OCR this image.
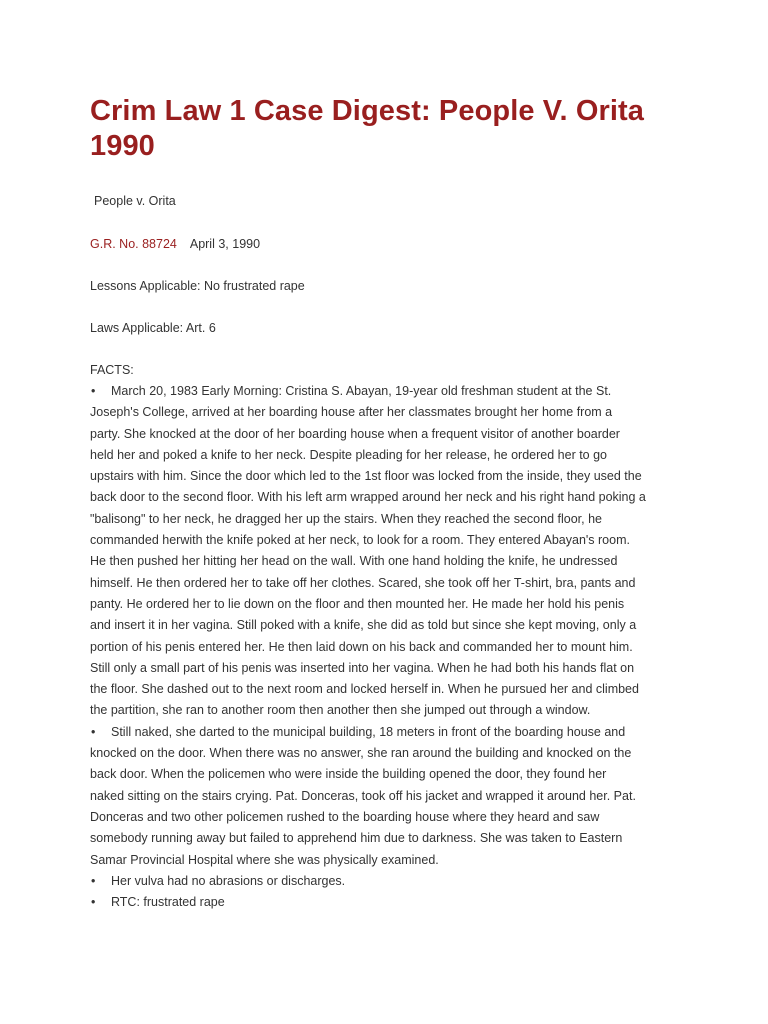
Crim Law 1 Case Digest: People V. Orita 1990

People v. Orita

G.R. No. 88724 April 3, 1990

Lessons Applicable: No frustrated rape

Laws Applicable: Art. 6

FACTS:

• March 20, 1983 Early Morning: Cristina S. Abayan, 19-year old freshman student at the St.
Joseph's College, arrived at her boarding house after her classmates brought her home from a
party. She knocked at the door of her boarding house when a frequent visitor of another boarder
held her and poked a knife to her neck. Despite pleading for her release, he ordered her to go
upstairs with him. Since the door which led to the 1st floor was locked from the inside, they used the
back door to the second floor. With his left arm wrapped around her neck and his right hand poking a
"balisong" to her neck, he dragged her up the stairs. When they reached the second floor, he
commanded herwith the knife poked at her neck, to look for a room. They entered Abayan's room.
He then pushed her hitting her head on the wall. With one hand holding the knife, he undressed
himself. He then ordered her to take off her clothes. Scared, she took off her T-shirt, bra, pants and
panty. He ordered her to lie down on the floor and then mounted her. He made her hold his penis
and insert it in her vagina. Still poked with a knife, she did as told but since she kept moving, only a
portion of his penis entered her. He then laid down on his back and commanded her to mount him.
Still only a small part of his penis was inserted into her vagina. When he had both his hands flat on
the floor. She dashed out to the next room and locked herself in. When he pursued her and climbed
the partition, she ran to another room then another then she jumped out through a window.
• Still naked, she darted to the municipal building, 18 meters in front of the boarding house and
knocked on the door. When there was no answer, she ran around the building and knocked on the
back door. When the policemen who were inside the building opened the door, they found her
naked sitting on the stairs crying. Pat. Donceras, took off his jacket and wrapped it around her. Pat.
Donceras and two other policemen rushed to the boarding house where they heard and saw
somebody running away but failed to apprehend him due to darkness. She was taken to Eastern
Samar Provincial Hospital where she was physically examined.
• Her vulva had no abrasions or discharges.
• RTC: frustrated rape
